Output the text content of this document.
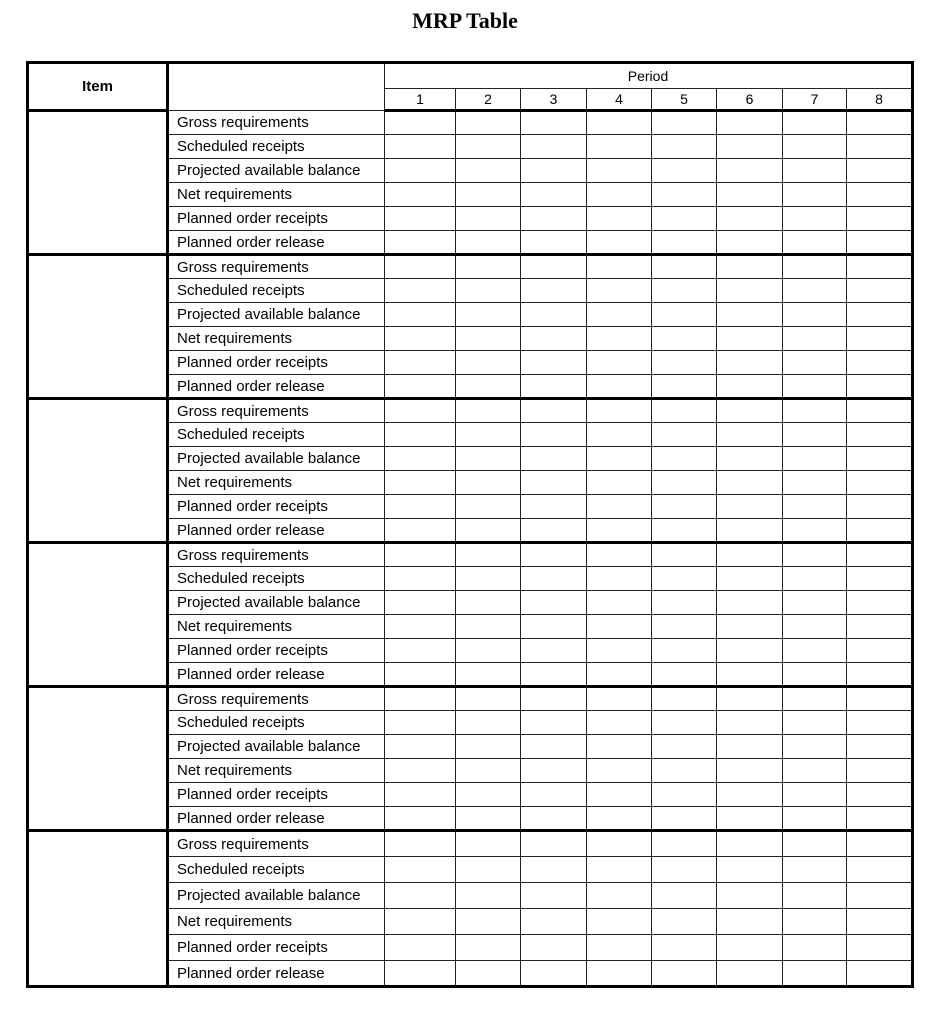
MRP Table
Item		Period							
		1	2	3	4	5	6	7	8
	Gross requirements								
	Scheduled receipts								
	Projected available balance								
	Net requirements								
	Planned order receipts								
	Planned order release								
	Gross requirements								
	Scheduled receipts								
	Projected available balance								
	Net requirements								
	Planned order receipts								
	Planned order release								
	Gross requirements								
	Scheduled receipts								
	Projected available balance								
	Net requirements								
	Planned order receipts								
	Planned order release								
	Gross requirements								
	Scheduled receipts								
	Projected available balance								
	Net requirements								
	Planned order receipts								
	Planned order release								
	Gross requirements								
	Scheduled receipts								
	Projected available balance								
	Net requirements								
	Planned order receipts								
	Planned order release								
	Gross requirements								
	Scheduled receipts								
	Projected available balance								
	Net requirements								
	Planned order receipts								
	Planned order release								
